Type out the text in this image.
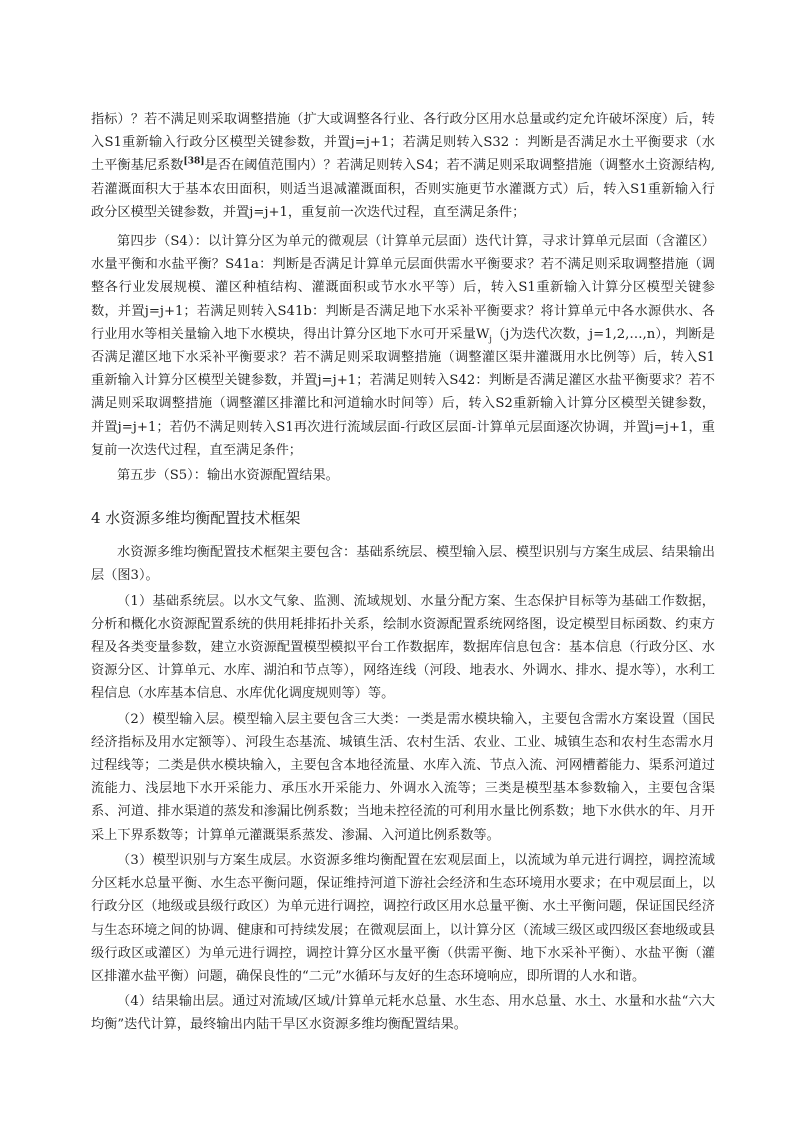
指标）？若不满足则采取调整措施（扩大或调整各行业、各行政分区用水总量或约定允许破坏深度）后，转入S1重新输入行政分区模型关键参数，并置j=j+1；若满足则转入S32 ：判断是否满足水土平衡要求（水土平衡基尼系数[38]是否在阈值范围内）？若满足则转入S4；若不满足则采取调整措施（调整水土资源结构,若灌溉面积大于基本农田面积，则适当退减灌溉面积，否则实施更节水灌溉方式）后，转入S1重新输入行政分区模型关键参数，并置j=j+1，重复前一次迭代过程，直至满足条件；

第四步（S4）：以计算分区为单元的微观层（计算单元层面）迭代计算，寻求计算单元层面（含灌区）水量平衡和水盐平衡？S41a：判断是否满足计算单元层面供需水平衡要求？若不满足则采取调整措施（调整各行业发展规模、灌区种植结构、灌溉面积或节水水平等）后，转入S1重新输入计算分区模型关键参数，并置j=j+1；若满足则转入S41b：判断是否满足地下水采补平衡要求？将计算单元中各水源供水、各行业用水等相关量输入地下水模块，得出计算分区地下水可开采量$W_j(j$为迭代次数，j=1,2,…,n），判断是否满足灌区地下水采补平衡要求？若不满足则采取调整措施（调整灌区渠井灌溉用水比例等）后，转入S1重新输入计算分区模型关键参数，并置j=j+1；若满足则转入S42：判断是否满足灌区水盐平衡要求？若不满足则采取调整措施（调整灌区排灌比和河道输水时间等）后，转入S2重新输入计算分区模型关键参数，并置j=j+1；若仍不满足则转入S1再次进行流域层面-行政区层面-计算单元层面逐次协调，并置j=j+1，重复前一次迭代过程，直至满足条件；

第五步（S5）：输出水资源配置结果。

4 水资源多维均衡配置技术框架

水资源多维均衡配置技术框架主要包含：基础系统层、模型输入层、模型识别与方案生成层、结果输出层（图3）。

（1）基础系统层。以水文气象、监测、流域规划、水量分配方案、生态保护目标等为基础工作数据，分析和概化水资源配置系统的供用耗排拓扑关系，绘制水资源配置系统网络图，设定模型目标函数、约束方程及各类变量参数，建立水资源配置模型模拟平台工作数据库，数据库信息包含：基本信息（行政分区、水资源分区、计算单元、水库、湖泊和节点等），网络连线（河段、地表水、外调水、排水、提水等），水利工程信息（水库基本信息、水库优化调度规则等）等。

（2）模型输入层。模型输入层主要包含三大类：一类是需水模块输入，主要包含需水方案设置（国民经济指标及用水定额等）、河段生态基流、城镇生活、农村生活、农业、工业、城镇生态和农村生态需水月过程线等；二类是供水模块输入，主要包含本地径流量、水库入流、节点入流、河网槽蓄能力、渠系河道过流能力、浅层地下水开采能力、承压水开采能力、外调水入流等；三类是模型基本参数输入，主要包含渠系、河道、排水渠道的蒸发和渗漏比例系数；当地未控径流的可利用水量比例系数；地下水供水的年、月开采上下界系数等；计算单元灌溉渠系蒸发、渗漏、入河道比例系数等。

（3）模型识别与方案生成层。水资源多维均衡配置在宏观层面上，以流域为单元进行调控，调控流域分区耗水总量平衡、水生态平衡问题，保证维持河道下游社会经济和生态环境用水要求；在中观层面上，以行政分区（地级或县级行政区）为单元进行调控，调控行政区用水总量平衡、水土平衡问题，保证国民经济与生态环境之间的协调、健康和可持续发展；在微观层面上，以计算分区（流域三级区或四级区套地级或县级行政区或灌区）为单元进行调控，调控计算分区水量平衡（供需平衡、地下水采补平衡）、水盐平衡（灌区排灌水盐平衡）问题，确保良性的“二元”水循环与友好的生态环境响应，即所谓的人水和谐。

（4）结果输出层。通过对流域/区域/计算单元耗水总量、水生态、用水总量、水土、水量和水盐“六大均衡”迭代计算，最终输出内陆干旱区水资源多维均衡配置结果。
